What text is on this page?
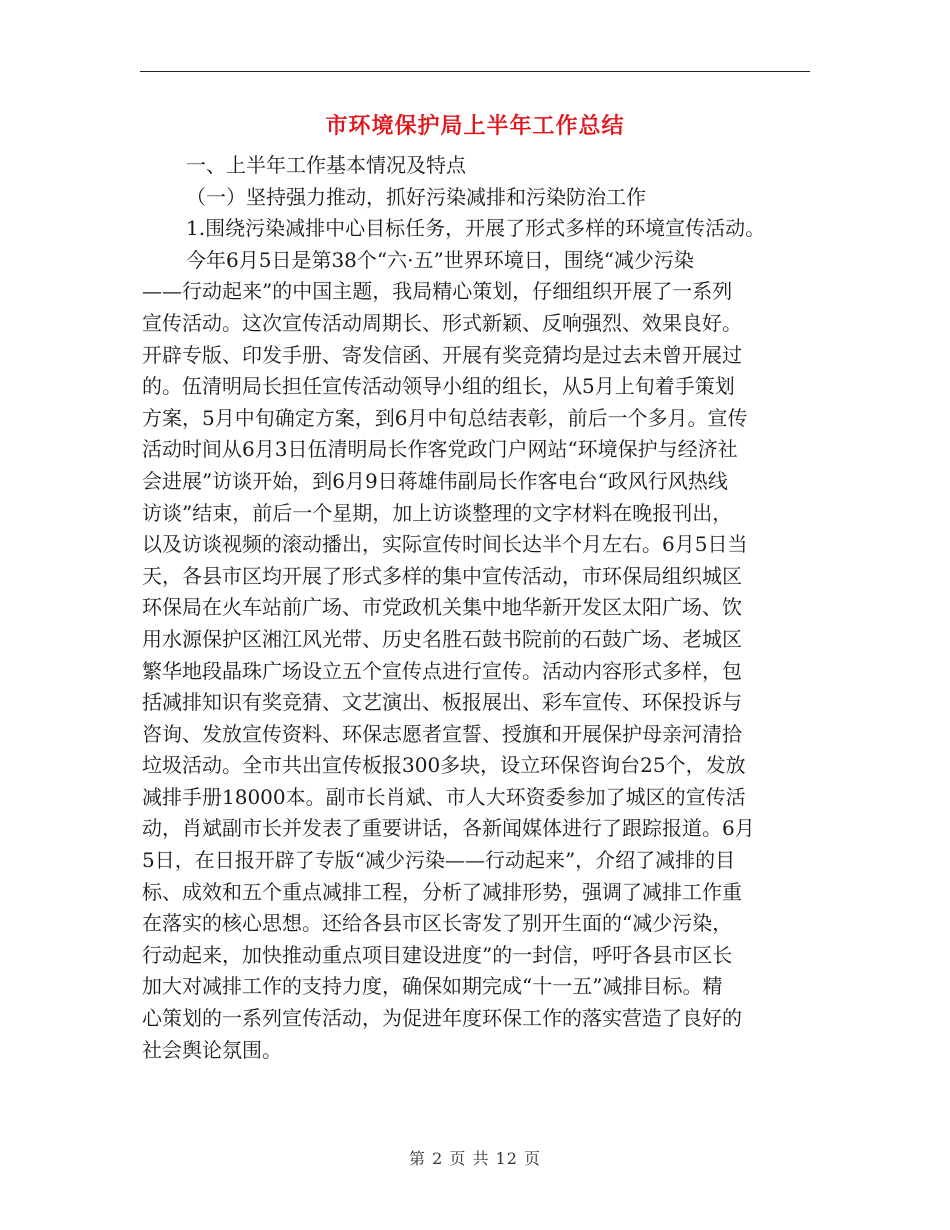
市环境保护局上半年工作总结
一、上半年工作基本情况及特点
（一）坚持强力推动，抓好污染减排和污染防治工作
1.围绕污染减排中心目标任务，开展了形式多样的环境宣传活动。
今年6月5日是第38个“六·五”世界环境日，围绕“减少污染
——行动起来”的中国主题，我局精心策划，仔细组织开展了一系列
宣传活动。这次宣传活动周期长、形式新颖、反响强烈、效果良好。
开辟专版、印发手册、寄发信函、开展有奖竞猜均是过去未曾开展过
的。伍清明局长担任宣传活动领导小组的组长，从5月上旬着手策划
方案，5月中旬确定方案，到6月中旬总结表彰，前后一个多月。宣传
活动时间从6月3日伍清明局长作客党政门户网站“环境保护与经济社
会进展”访谈开始，到6月9日蒋雄伟副局长作客电台“政风行风热线
访谈”结束，前后一个星期，加上访谈整理的文字材料在晚报刊出，
以及访谈视频的滚动播出，实际宣传时间长达半个月左右。6月5日当
天，各县市区均开展了形式多样的集中宣传活动，市环保局组织城区
环保局在火车站前广场、市党政机关集中地华新开发区太阳广场、饮
用水源保护区湘江风光带、历史名胜石鼓书院前的石鼓广场、老城区
繁华地段晶珠广场设立五个宣传点进行宣传。活动内容形式多样，包
括减排知识有奖竞猜、文艺演出、板报展出、彩车宣传、环保投诉与
咨询、发放宣传资料、环保志愿者宣誓、授旗和开展保护母亲河清拾
垃圾活动。全市共出宣传板报300多块，设立环保咨询台25个，发放
减排手册18000本。副市长肖斌、市人大环资委参加了城区的宣传活
动，肖斌副市长并发表了重要讲话，各新闻媒体进行了跟踪报道。6月
5日，在日报开辟了专版“减少污染——行动起来”，介绍了减排的目
标、成效和五个重点减排工程，分析了减排形势，强调了减排工作重
在落实的核心思想。还给各县市区长寄发了别开生面的“减少污染，
行动起来，加快推动重点项目建设进度”的一封信，呼吁各县市区长
加大对减排工作的支持力度，确保如期完成“十一五”减排目标。精
心策划的一系列宣传活动，为促进年度环保工作的落实营造了良好的
社会舆论氛围。
第 2 页 共 12 页
